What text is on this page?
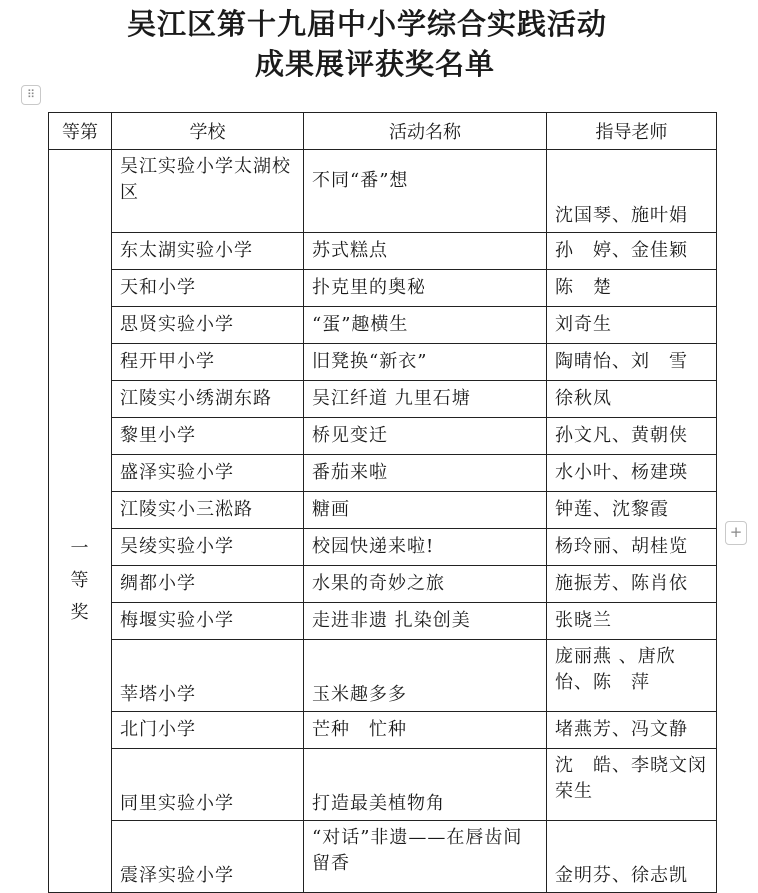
吴江区第十九届中小学综合实践活动
成果展评获奖名单
⠿
+
等第	学校	活动名称	指导老师
一等奖	吴江实验小学太湖校区	不同“番”想	沈国琴、施叶娟
	东太湖实验小学	苏式糕点	孙　婷、金佳颖
	天和小学	扑克里的奥秘	陈　楚
	思贤实验小学	“蛋”趣横生	刘奇生
	程开甲小学	旧凳换“新衣”	陶晴怡、刘　雪
	江陵实小绣湖东路	吴江纤道 九里石塘	徐秋凤
	黎里小学	桥见变迁	孙文凡、黄朝侠
	盛泽实验小学	番茄来啦	水小叶、杨建瑛
	江陵实小三淞路	糖画	钟莲、沈黎霞
	吴绫实验小学	校园快递来啦!	杨玲丽、胡桂览
	绸都小学	水果的奇妙之旅	施振芳、陈肖依
	梅堰实验小学	走进非遗 扎染创美	张晓兰
	莘塔小学	玉米趣多多	庞丽燕 、唐欣怡、陈　萍
	北门小学	芒种　忙种	堵燕芳、冯文静
	同里实验小学	打造最美植物角	沈　皓、李晓文闵荣生
	震泽实验小学	“对话”非遗——在唇齿间留香	金明芬、徐志凯
